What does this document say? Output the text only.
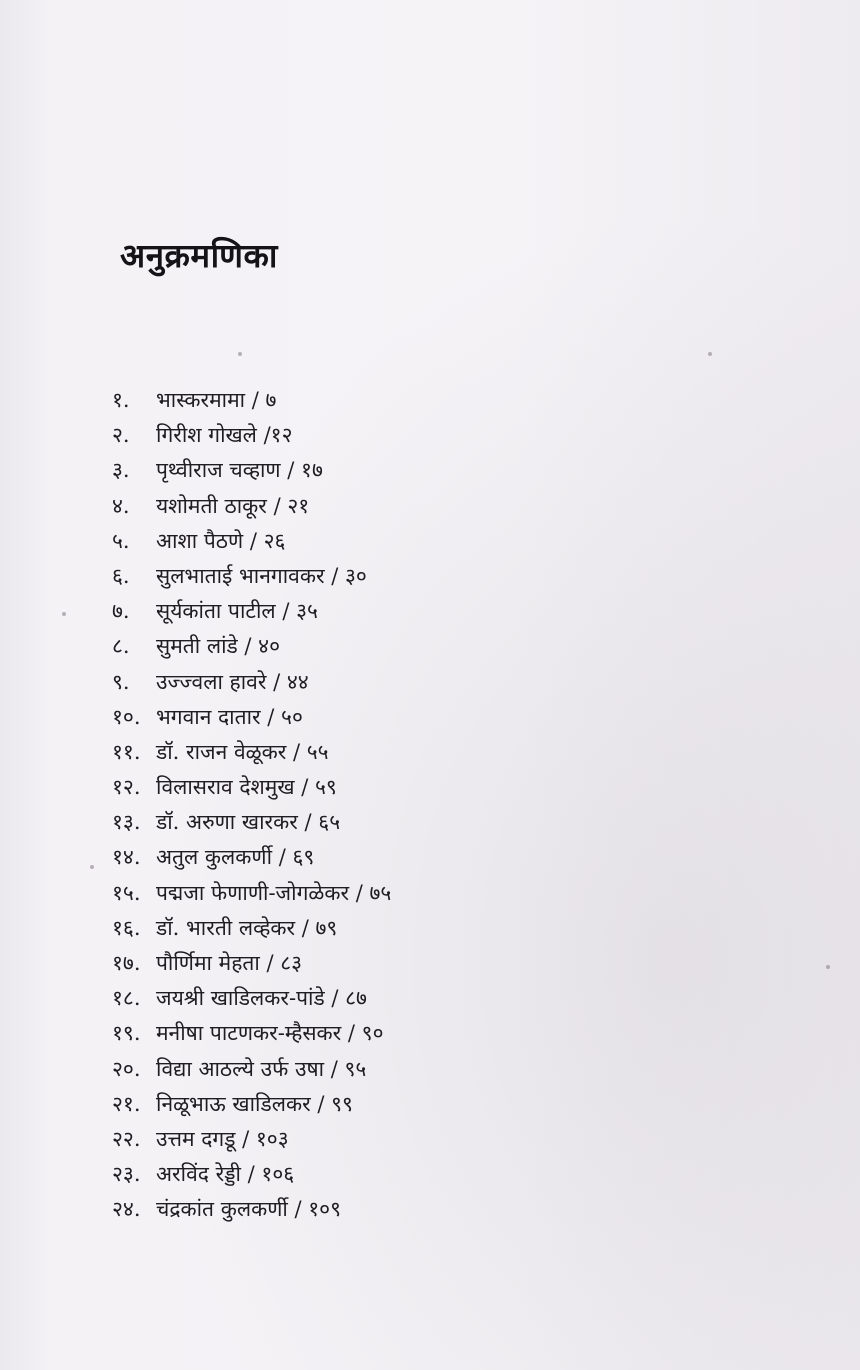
अनुक्रमणिका
१. भास्करमामा / ७
२. गिरीश गोखले /१२
३. पृथ्वीराज चव्हाण / १७
४. यशोमती ठाकूर / २१
५. आशा पैठणे / २६
६. सुलभाताई भानगावकर / ३०
७. सूर्यकांता पाटील / ३५
८. सुमती लांडे / ४०
९. उज्ज्वला हावरे / ४४
१०. भगवान दातार / ५०
११. डॉ. राजन वेळूकर / ५५
१२. विलासराव देशमुख / ५९
१३. डॉ. अरुणा खारकर / ६५
१४. अतुल कुलकर्णी / ६९
१५. पद्मजा फेणाणी-जोगळेकर / ७५
१६. डॉ. भारती लव्हेकर / ७९
१७. पौर्णिमा मेहता / ८३
१८. जयश्री खाडिलकर-पांडे / ८७
१९. मनीषा पाटणकर-म्हैसकर / ९०
२०. विद्या आठल्ये उर्फ उषा / ९५
२१. निळूभाऊ खाडिलकर / ९९
२२. उत्तम दगडू / १०३
२३. अरविंद रेड्डी / १०६
२४. चंद्रकांत कुलकर्णी / १०९
